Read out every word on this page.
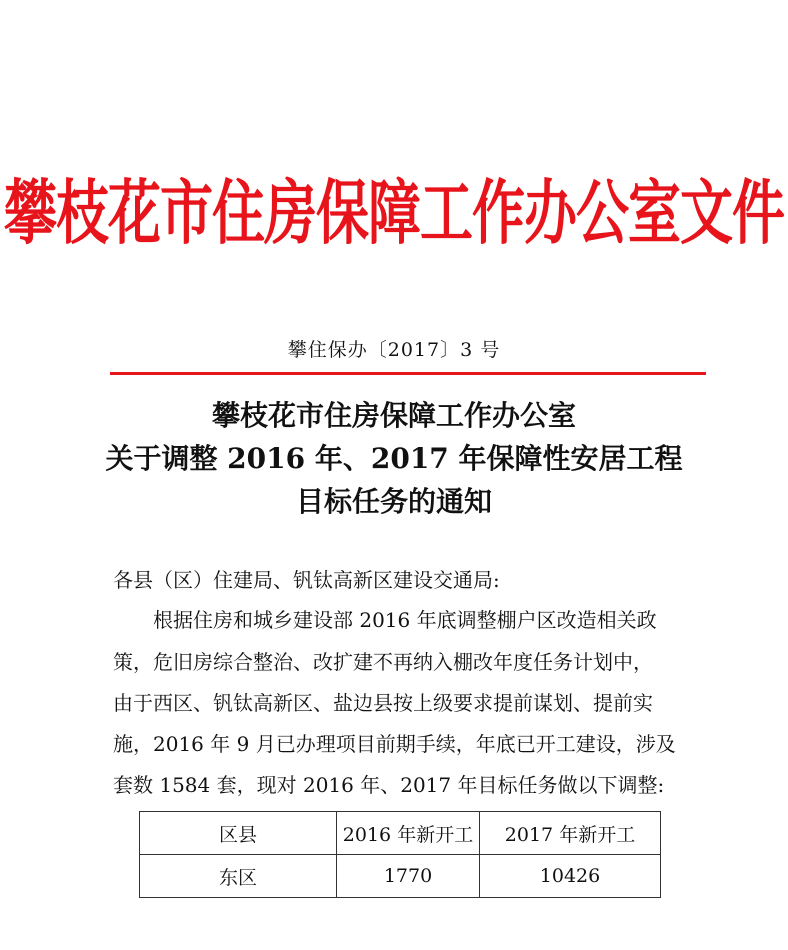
攀枝花市住房保障工作办公室文件
攀住保办〔2017〕3 号
攀枝花市住房保障工作办公室
关于调整 2016 年、2017 年保障性安居工程
目标任务的通知
各县（区）住建局、钒钛高新区建设交通局:
根据住房和城乡建设部 2016 年底调整棚户区改造相关政
策，危旧房综合整治、改扩建不再纳入棚改年度任务计划中，
由于西区、钒钛高新区、盐边县按上级要求提前谋划、提前实
施，2016 年 9 月已办理项目前期手续，年底已开工建设，涉及
套数 1584 套，现对 2016 年、2017 年目标任务做以下调整:
区县	2016 年新开工	2017 年新开工
东区	1770	10426
